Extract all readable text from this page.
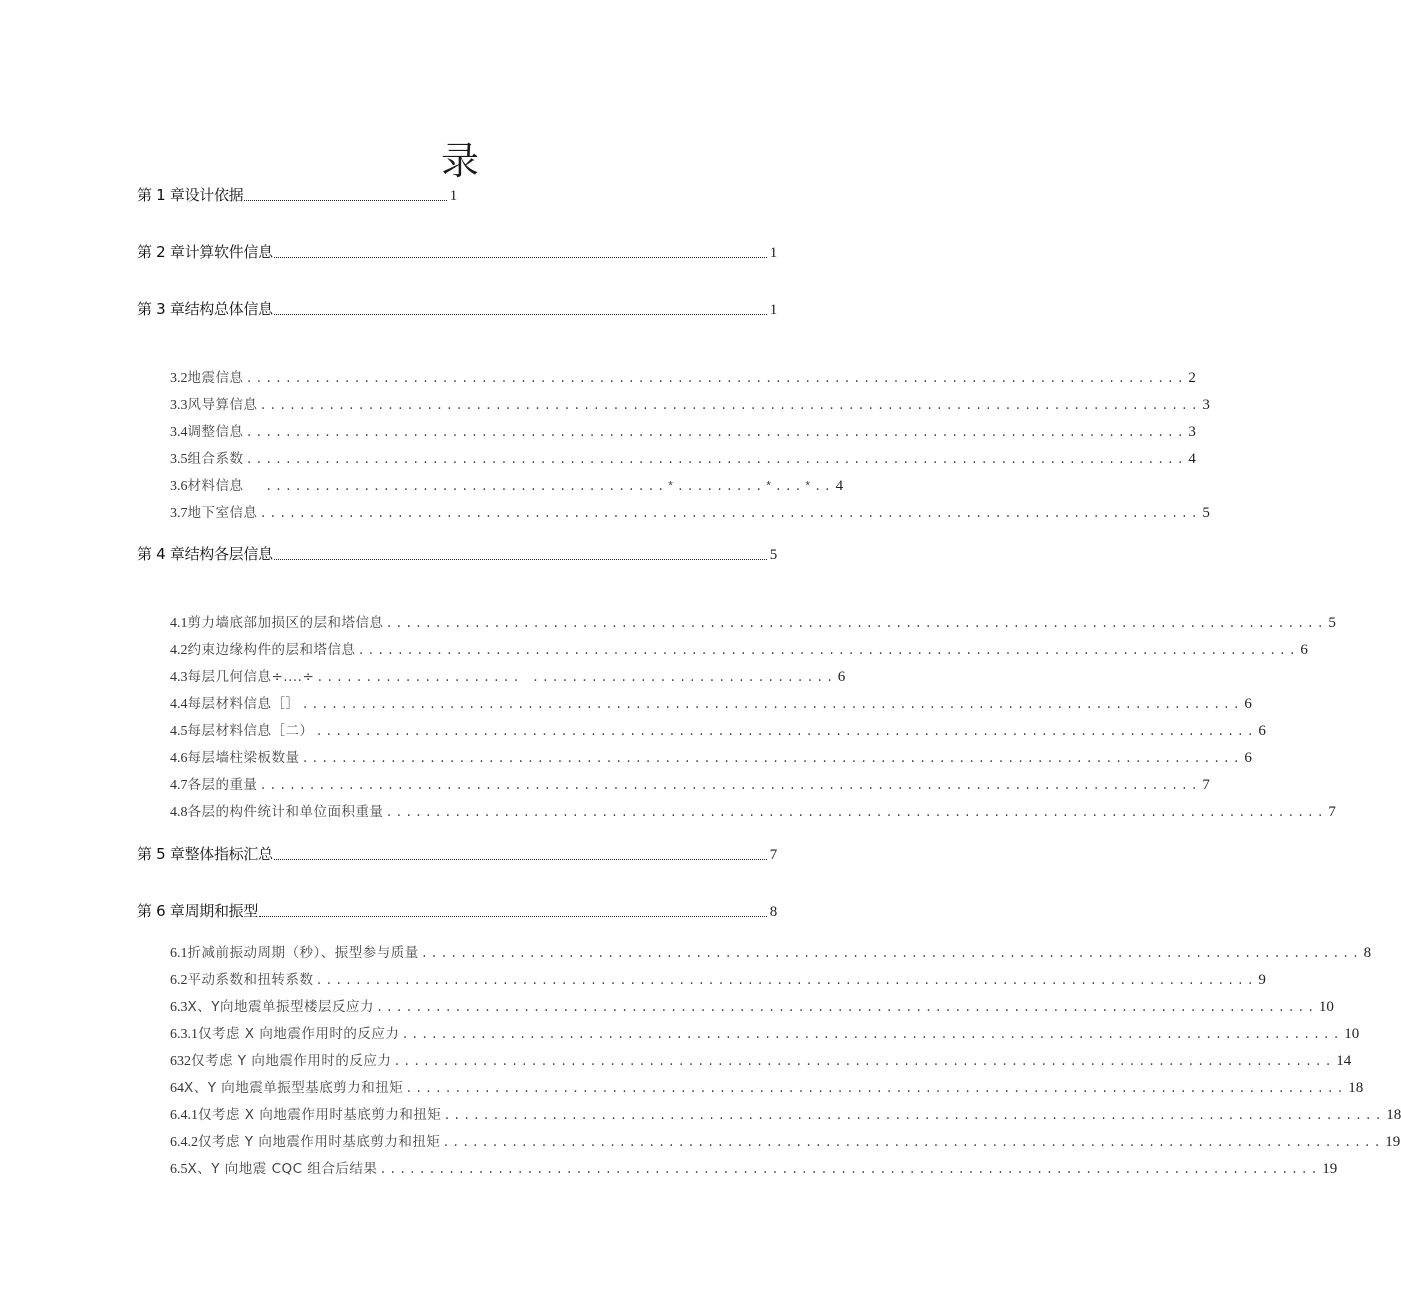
录
第 1 章设计依据	1
第 2 章计算软件信息	1
第 3 章结构总体信息	1
3.2 地震信息 ................................................................................................ 2
3.3 风导算信息 ................................................................................................ 3
3.4 调整信息 ................................................................................................ 3
3.5 组合系数 ................................................................................................ 4
3.6 材料信息 .........................................*.........*...*.. 4
3.7 地下室信息 ................................................................................................ 5
第 4 章结构各层信息	5
4.1 剪力墙底部加损区的层和塔信息 ................................................................................................ 5
4.2 约束边缘构件的层和塔信息 ................................................................................................ 6
4.3 每层几何信息÷....÷ ..................... ............................... 6
4.4 每层材料信息［］ ................................................................................................ 6
4.5 每层材料信息［二） ................................................................................................ 6
4.6 每层墙柱梁板数量 ................................................................................................ 6
4.7 各层的重量 ................................................................................................ 7
4.8 各层的构件统计和单位面积重量 ................................................................................................ 7
第 5 章整体指标汇总	7
第 6 章周期和振型	8
6.1 折减前振动周期（秒）、振型参与质量 ................................................................................................ 8
6.2 平动系数和扭转系数 ................................................................................................ 9
6.3 X、Y向地震单振型楼层反应力 ................................................................................................ 10
6.3.1 仅考虑 X 向地震作用时的反应力 ................................................................................................ 10
632 仅考虑 Y 向地震作用时的反应力 ................................................................................................ 14
64 X、Y 向地震单振型基底剪力和扭矩 ................................................................................................ 18
6.4.1 仅考虑 X 向地震作用时基底剪力和扭矩 ................................................................................................ 18
6.4.2 仅考虑 Y 向地震作用时基底剪力和扭矩 ................................................................................................ 19
6.5 X、Y 向地震 CQC 组合后结果 ................................................................................................ 19
